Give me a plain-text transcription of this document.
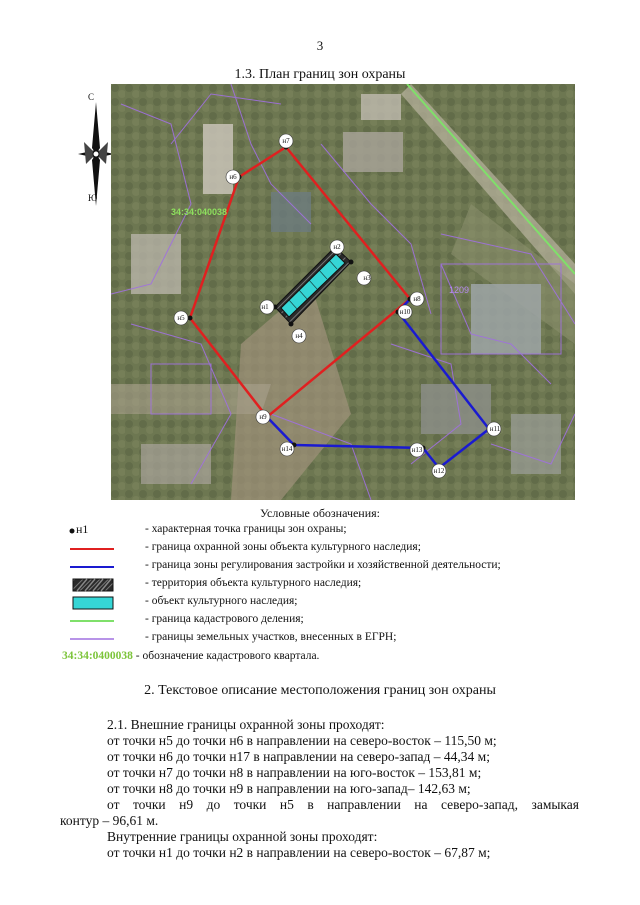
3
1.3. План границ зон охраны
С
Ю
н1
н2
н3
н4
н5
н6
н7
н8
н9
н10
н11
н12
н13
н14
34:34:040038
1209
Условные обозначения:
н1	- характерная точка границы зон охраны;
- граница охранной зоны объекта культурного наследия;
- граница зоны регулирования застройки и хозяйственной деятельности;
- территория объекта культурного наследия;
- объект культурного наследия;
- граница кадастрового деления;
- границы земельных участков, внесенных в ЕГРН;
34:34:0400038 - обозначение кадастрового квартала.
2. Текстовое описание местоположения границ зон охраны
2.1. Внешние границы охранной зоны проходят:
от точки н5 до точки н6 в направлении на северо-восток – 115,50 м;
от точки н6 до точки н17 в направлении на северо-запад – 44,34 м;
от точки н7 до точки н8 в направлении на юго-восток – 153,81 м;
от точки н8 до точки н9 в направлении на юго-запад– 142,63 м;
от точки н9 до точки н5 в направлении на северо-запад, замыкая
контур – 96,61 м.
Внутренние границы охранной зоны проходят:
от точки н1 до точки н2 в направлении на северо-восток – 67,87 м;
